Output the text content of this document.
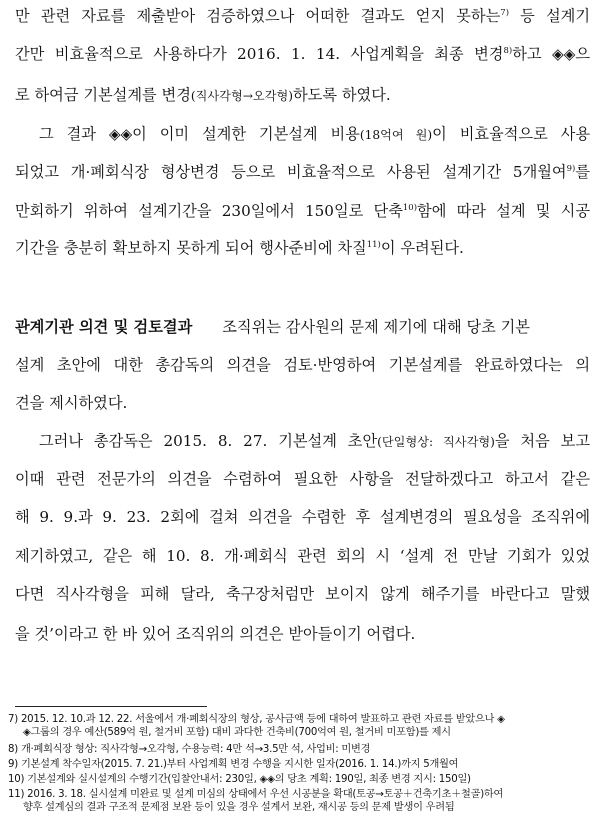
만 관련 자료를 제출받아 검증하였으나 어떠한 결과도 얻지 못하는$^{7)}$ 등 설계기
간만 비효율적으로 사용하다가 2016. 1. 14. 사업계획을 최종 변경$^{8)}$하고 ◈◈으
로 하여금 기본설계를 변경(직사각형→오각형)하도록 하였다.
그 결과 ◈◈이 이미 설계한 기본설계 비용(18억여 원)이 비효율적으로 사용
되었고 개·폐회식장 형상변경 등으로 비효율적으로 사용된 설계기간 5개월여$^{9)}$를
만회하기 위하여 설계기간을 230일에서 150일로 단축$^{10)}$함에 따라 설계 및 시공
기간을 충분히 확보하지 못하게 되어 행사준비에 차질$^{11)}$이 우려된다.
관계기관 의견 및 검토결과 조직위는 감사원의 문제 제기에 대해 당초 기본
설계 초안에 대한 총감독의 의견을 검토·반영하여 기본설계를 완료하였다는 의
견을 제시하였다.
그러나 총감독은 2015. 8. 27. 기본설계 초안(단일형상: 직사각형)을 처음 보고
이때 관련 전문가의 의견을 수렴하여 필요한 사항을 전달하겠다고 하고서 같은
해 9. 9.과 9. 23. 2회에 걸쳐 의견을 수렴한 후 설계변경의 필요성을 조직위에
제기하였고, 같은 해 10. 8. 개·폐회식 관련 회의 시 ‘설계 전 만날 기회가 있었
다면 직사각형을 피해 달라, 축구장처럼만 보이지 않게 해주기를 바란다고 말했
을 것’이라고 한 바 있어 조직위의 의견은 받아들이기 어렵다.
7) 2015. 12. 10.과 12. 22. 서울에서 개·폐회식장의 형상, 공사금액 등에 대하여 발표하고 관련 자료를 받았으나 ◈
◈그룹의 경우 예산(589억 원, 철거비 포함) 대비 과다한 건축비(700억여 원, 철거비 미포함)를 제시
8) 개·폐회식장 형상: 직사각형→오각형, 수용능력: 4만 석→3.5만 석, 사업비: 미변경
9) 기본설계 착수일자(2015. 7. 21.)부터 사업계획 변경 수행을 지시한 일자(2016. 1. 14.)까지 5개월여
10) 기본설계와 실시설계의 수행기간(입찰안내서: 230일, ◈◈의 당초 계획: 190일, 최종 변경 지시: 150일)
11) 2016. 3. 18. 실시설계 미완료 및 설계 미심의 상태에서 우선 시공분을 확대(토공→토공＋건축기초＋철골)하여
향후 설계심의 결과 구조적 문제점 보완 등이 있을 경우 설계서 보완, 재시공 등의 문제 발생이 우려됨
